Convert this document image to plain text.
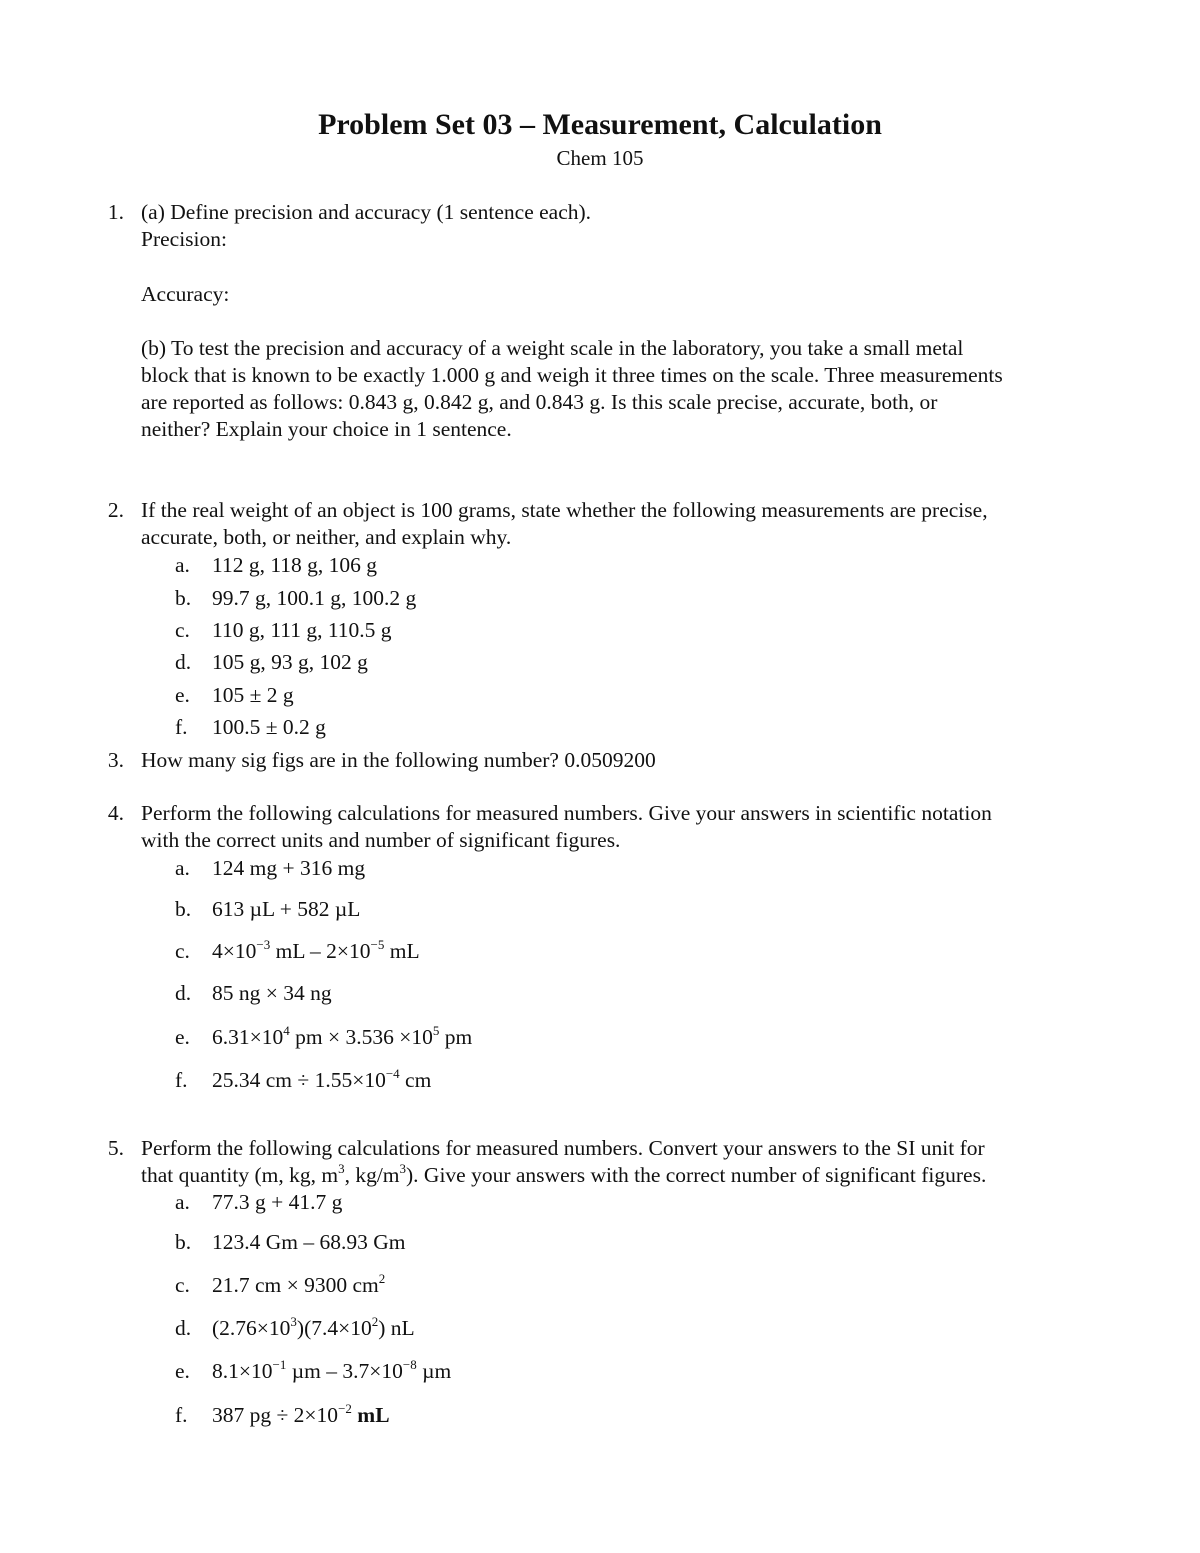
Problem Set 03 – Measurement, Calculation
Chem 105
1. (a) Define precision and accuracy (1 sentence each).
Precision:
Accuracy:
(b) To test the precision and accuracy of a weight scale in the laboratory, you take a small metal
block that is known to be exactly 1.000 g and weigh it three times on the scale. Three measurements
are reported as follows: 0.843 g, 0.842 g, and 0.843 g. Is this scale precise, accurate, both, or
neither? Explain your choice in 1 sentence.
2. If the real weight of an object is 100 grams, state whether the following measurements are precise,
accurate, both, or neither, and explain why.
a. 112 g, 118 g, 106 g
b. 99.7 g, 100.1 g, 100.2 g
c. 110 g, 111 g, 110.5 g
d. 105 g, 93 g, 102 g
e. 105 ± 2 g
f. 100.5 ± 0.2 g
3. How many sig figs are in the following number? 0.0509200
4. Perform the following calculations for measured numbers. Give your answers in scientific notation
with the correct units and number of significant figures.
a. 124 mg + 316 mg
b. 613 µL + 582 µL
c. $4\times 10^{-3}$ mL – $2\times 10^{-5}$ mL
d. 85 ng × 34 ng
e. $6.31\times 10^4$ pm × $3.536 \times 10^5$ pm
f. 25.34 cm ÷ $1.55\times 10^{-4}$ cm
5. Perform the following calculations for measured numbers. Convert your answers to the SI unit for
that quantity (m, kg, $m^3$, $kg/m^3$). Give your answers with the correct number of significant figures.
a. 77.3 g + 41.7 g
b. 123.4 Gm – 68.93 Gm
c. 21.7 cm × 9300 $cm^2$
d. $(2.76\times 10^3)(7.4\times 10^2)$ nL
e. $8.1\times 10^{-1}$ $\mu m - 3.7\times 10^{-8}$ µm
f. 387 pg ÷ $2\times 10^{-2}$ mL
